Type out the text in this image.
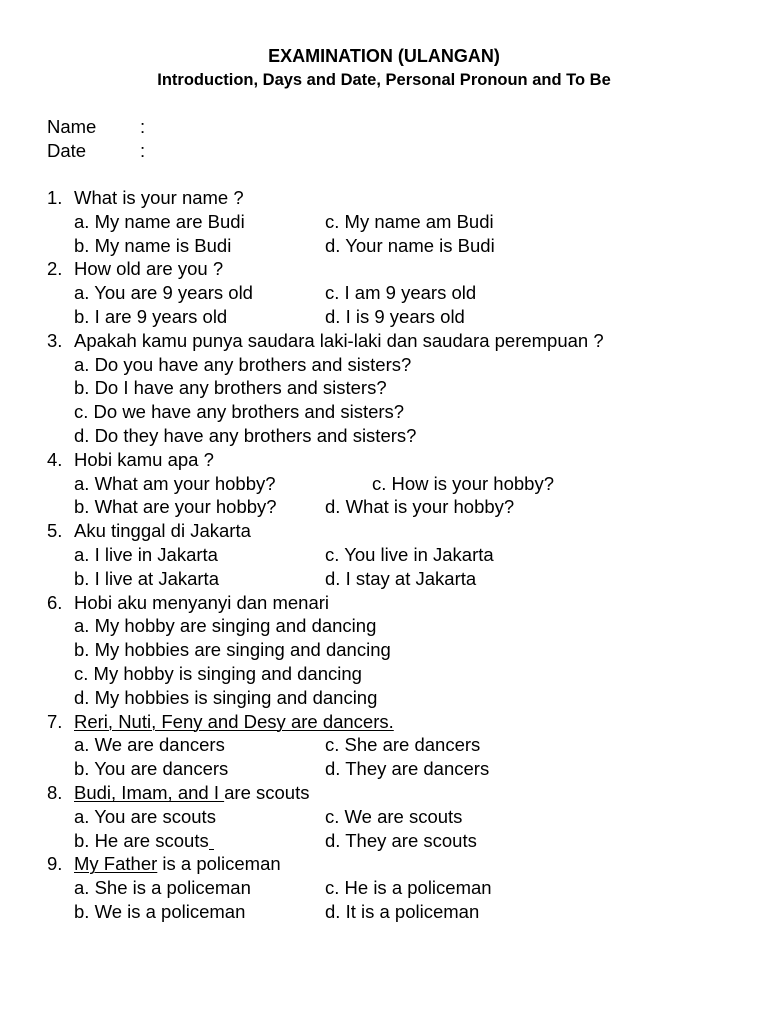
EXAMINATION (ULANGAN)
Introduction, Days and Date, Personal Pronoun and To Be
Name :
Date	:
1. What is your name ?
a. My name are Budi	c. My name am Budi
b. My name is Budi	d. Your name is Budi
2. How old are you ?
a. You are 9 years old	c. I am 9 years old
b. I are 9 years old	d. I is 9 years old
3. Apakah kamu punya saudara laki-laki dan saudara perempuan ?
a. Do you have any brothers and sisters?
b. Do I have any brothers and sisters?
c. Do we have any brothers and sisters?
d. Do they have any brothers and sisters?
4. Hobi kamu apa ?
a. What am your hobby?	c. How is your hobby?
b. What are your hobby?	d. What is your hobby?
5. Aku tinggal di Jakarta
a. I live in Jakarta	c. You live in Jakarta
b. I live at Jakarta	d. I stay at Jakarta
6. Hobi aku menyanyi dan menari
a. My hobby are singing and dancing
b. My hobbies are singing and dancing
c. My hobby is singing and dancing
d. My hobbies is singing and dancing
7. Reri, Nuti, Feny and Desy are dancers.
a. We are dancers	c. She are dancers
b. You are dancers	d. They are dancers
8. Budi, Imam, and I are scouts
a. You are scouts	c. We are scouts
b. He are scouts	d. They are scouts
9. My Father is a policeman
a. She is a policeman	c. He is a policeman
b. We is a policeman	d. It is a policeman
